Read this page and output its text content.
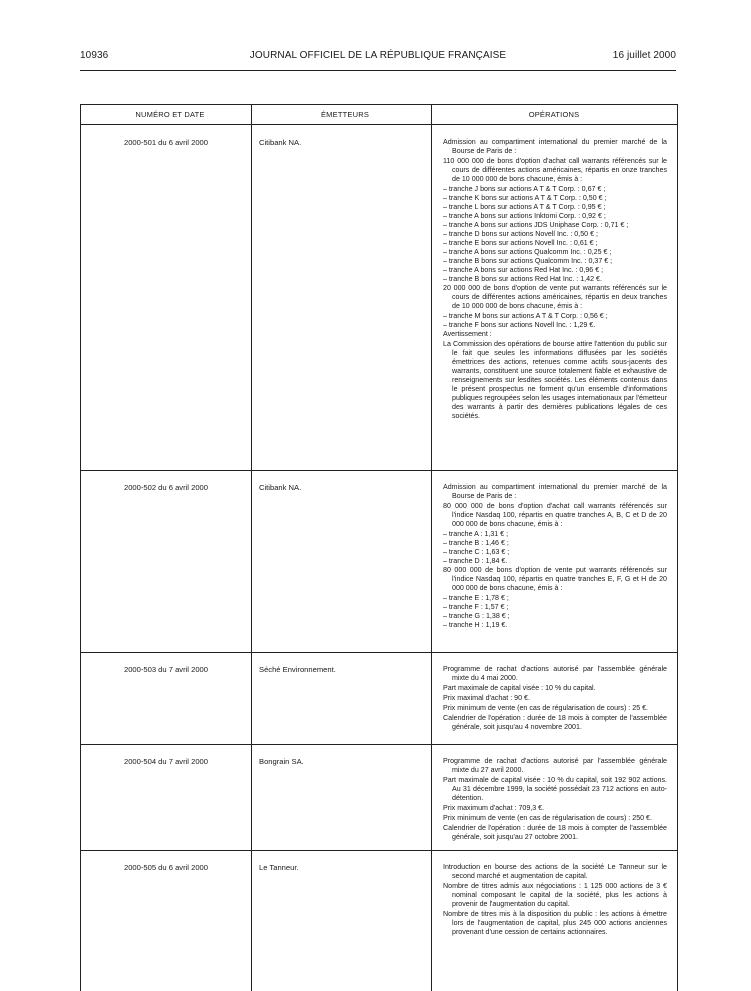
10936	JOURNAL OFFICIEL DE LA RÉPUBLIQUE FRANÇAISE	16 juillet 2000
NUMÉRO ET DATE	ÉMETTEURS	OPÉRATIONS
2000-501 du 6 avril 2000	Citibank NA.	Admission au compartiment international du premier marché de la Bourse de Paris de :

110 000 000 de bons d'option d'achat call warrants référencés sur le cours de différentes actions américaines, répartis en onze tranches de 10 000 000 de bons chacune, émis à :

– tranche J bons sur actions A T & T Corp. : 0,67 € ;

– tranche K bons sur actions A T & T Corp. : 0,50 € ;

– tranche L bons sur actions A T & T Corp. : 0,95 € ;

– tranche A bons sur actions Inktomi Corp. : 0,92 € ;

– tranche A bons sur actions JDS Uniphase Corp. : 0,71 € ;

– tranche D bons sur actions Novell Inc. : 0,50 € ;

– tranche E bons sur actions Novell Inc. : 0,61 € ;

– tranche A bons sur actions Qualcomm Inc. : 0,25 € ;

– tranche B bons sur actions Qualcomm Inc. : 0,37 € ;

– tranche A bons sur actions Red Hat Inc. : 0,96 € ;

– tranche B bons sur actions Red Hat Inc. : 1,42 €.

20 000 000 de bons d'option de vente put warrants référencés sur le cours de différentes actions américaines, répartis en deux tranches de 10 000 000 de bons chacune, émis à :

– tranche M bons sur actions A T & T Corp. : 0,56 € ;

– tranche F bons sur actions Novell Inc. : 1,29 €.

Avertissement :

La Commission des opérations de bourse attire l'attention du public sur le fait que seules les informations diffusées par les sociétés émettrices des actions, retenues comme actifs sous-jacents des warrants, constituent une source totalement fiable et exhaustive de renseignements sur lesdites sociétés. Les éléments contenus dans le présent prospectus ne forment qu'un ensemble d'informations publiques regroupées selon les usages internationaux par l'émetteur des warrants à partir des dernières publications légales de ces sociétés.

2000-502 du 6 avril 2000	Citibank NA.	Admission au compartiment international du premier marché de la Bourse de Paris de :

80 000 000 de bons d'option d'achat call warrants référencés sur l'indice Nasdaq 100, répartis en quatre tranches A, B, C et D de 20 000 000 de bons chacune, émis à :

– tranche A : 1,31 € ;

– tranche B : 1,46 € ;

– tranche C : 1,63 € ;

– tranche D : 1,84 €.

80 000 000 de bons d'option de vente put warrants référencés sur l'indice Nasdaq 100, répartis en quatre tranches E, F, G et H de 20 000 000 de bons chacune, émis à :

– tranche E : 1,78 € ;

– tranche F : 1,57 € ;

– tranche G : 1,38 € ;

– tranche H : 1,19 €.

2000-503 du 7 avril 2000	Séché Environnement.	Programme de rachat d'actions autorisé par l'assemblée générale mixte du 4 mai 2000.

Part maximale de capital visée : 10 % du capital.

Prix maximal d'achat : 90 €.

Prix minimum de vente (en cas de régularisation de cours) : 25 €.

Calendrier de l'opération : durée de 18 mois à compter de l'assemblée générale, soit jusqu'au 4 novembre 2001.

2000-504 du 7 avril 2000	Bongrain SA.	Programme de rachat d'actions autorisé par l'assemblée générale mixte du 27 avril 2000.

Part maximale de capital visée : 10 % du capital, soit 192 902 actions. Au 31 décembre 1999, la société possédait 23 712 actions en auto-détention.

Prix maximum d'achat : 709,3 €.

Prix minimum de vente (en cas de régularisation de cours) : 250 €.

Calendrier de l'opération : durée de 18 mois à compter de l'assemblée générale, soit jusqu'au 27 octobre 2001.

2000-505 du 6 avril 2000	Le Tanneur.	Introduction en bourse des actions de la société Le Tanneur sur le second marché et augmentation de capital.

Nombre de titres admis aux négociations : 1 125 000 actions de 3 € nominal composant le capital de la société, plus les actions à provenir de l'augmentation du capital.

Nombre de titres mis à la disposition du public : les actions à émettre lors de l'augmentation de capital, plus 245 000 actions anciennes provenant d'une cession de certains actionnaires.
